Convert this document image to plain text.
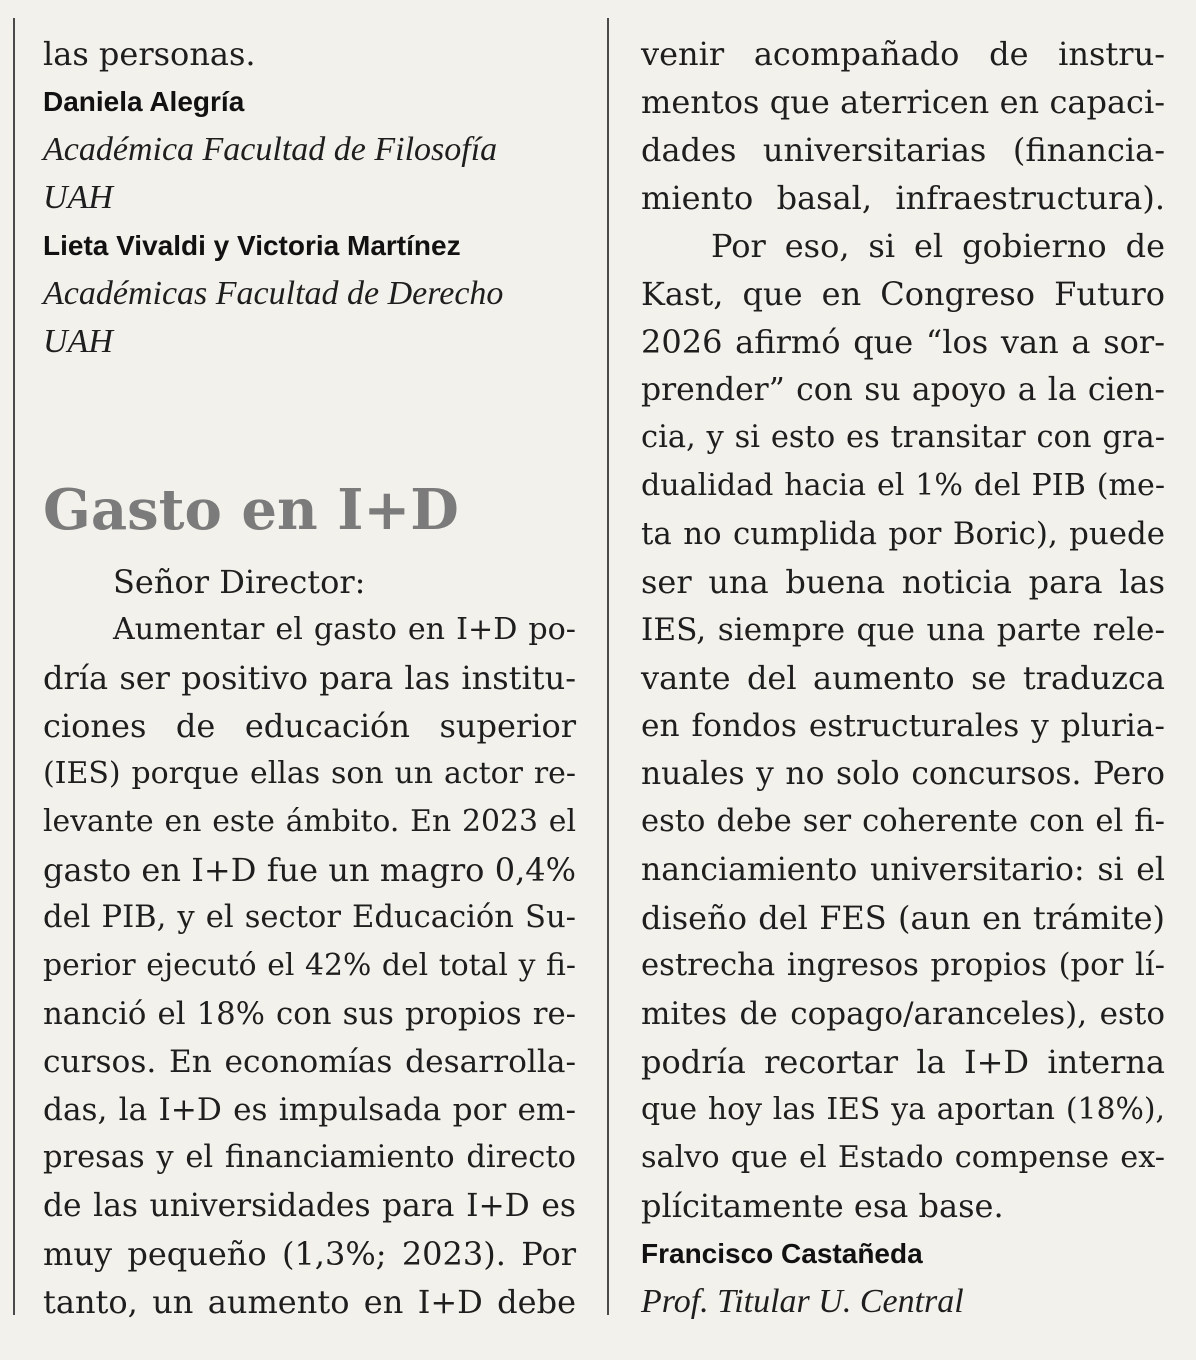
las personas.
Daniela Alegría
Académica Facultad de Filosofía
UAH
Lieta Vivaldi y Victoria Martínez
Académicas Facultad de Derecho
UAH
Gasto en I+D
Señor Director:
Aumentar el gasto en I+D po-
dría ser positivo para las institu-
ciones de educación superior
(IES) porque ellas son un actor re-
levante en este ámbito. En 2023 el
gasto en I+D fue un magro 0,4%
del PIB, y el sector Educación Su-
perior ejecutó el 42% del total y fi-
nanció el 18% con sus propios re-
cursos. En economías desarrolla-
das, la I+D es impulsada por em-
presas y el financiamiento directo
de las universidades para I+D es
muy pequeño (1,3%; 2023). Por
tanto, un aumento en I+D debe
venir acompañado de instru-
mentos que aterricen en capaci-
dades universitarias (financia-
miento basal, infraestructura).
Por eso, si el gobierno de
Kast, que en Congreso Futuro
2026 afirmó que “los van a sor-
prender” con su apoyo a la cien-
cia, y si esto es transitar con gra-
dualidad hacia el 1% del PIB (me-
ta no cumplida por Boric), puede
ser una buena noticia para las
IES, siempre que una parte rele-
vante del aumento se traduzca
en fondos estructurales y pluria-
nuales y no solo concursos. Pero
esto debe ser coherente con el fi-
nanciamiento universitario: si el
diseño del FES (aun en trámite)
estrecha ingresos propios (por lí-
mites de copago/aranceles), esto
podría recortar la I+D interna
que hoy las IES ya aportan (18%),
salvo que el Estado compense ex-
plícitamente esa base.
Francisco Castañeda
Prof. Titular U. Central
